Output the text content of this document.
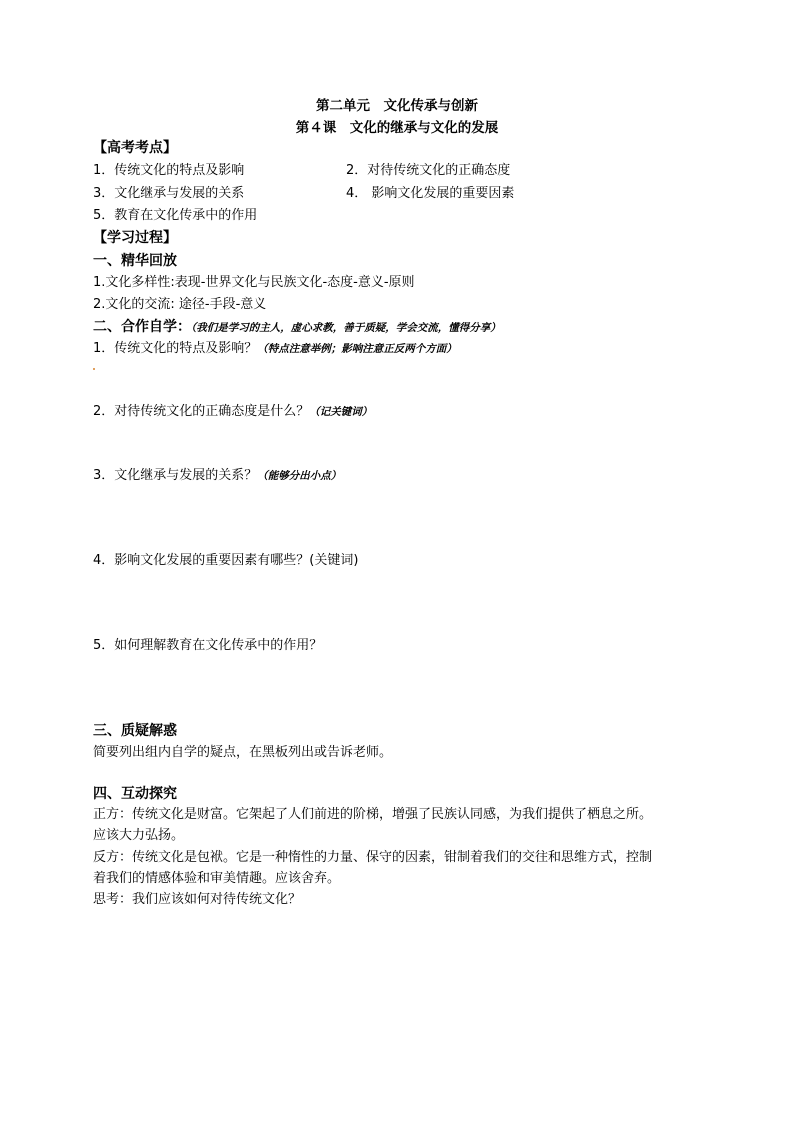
第二单元　文化传承与创新
第４课　文化的继承与文化的发展
【高考考点】
1．传统文化的特点及影响	2．对待传统文化的正确态度
3．文化继承与发展的关系	4． 影响文化发展的重要因素
5．教育在文化传承中的作用
【学习过程】
一、精华回放
1.文化多样性:表现-世界文化与民族文化-态度-意义-原则
2.文化的交流: 途径-手段-意义
二、合作自学：（我们是学习的主人，虚心求教，善于质疑，学会交流，懂得分享）
1．传统文化的特点及影响？（特点注意举例；影响注意正反两个方面）
2．对待传统文化的正确态度是什么？（记关键词）
3．文化继承与发展的关系？（能够分出小点）
4．影响文化发展的重要因素有哪些？(关键词)
5．如何理解教育在文化传承中的作用？
三、质疑解惑
简要列出组内自学的疑点，在黑板列出或告诉老师。
四、互动探究
正方：传统文化是财富。它架起了人们前进的阶梯，增强了民族认同感，为我们提供了栖息之所。
应该大力弘扬。
反方：传统文化是包袱。它是一种惰性的力量、保守的因素，钳制着我们的交往和思维方式，控制
着我们的情感体验和审美情趣。应该舍弃。
思考：我们应该如何对待传统文化？
